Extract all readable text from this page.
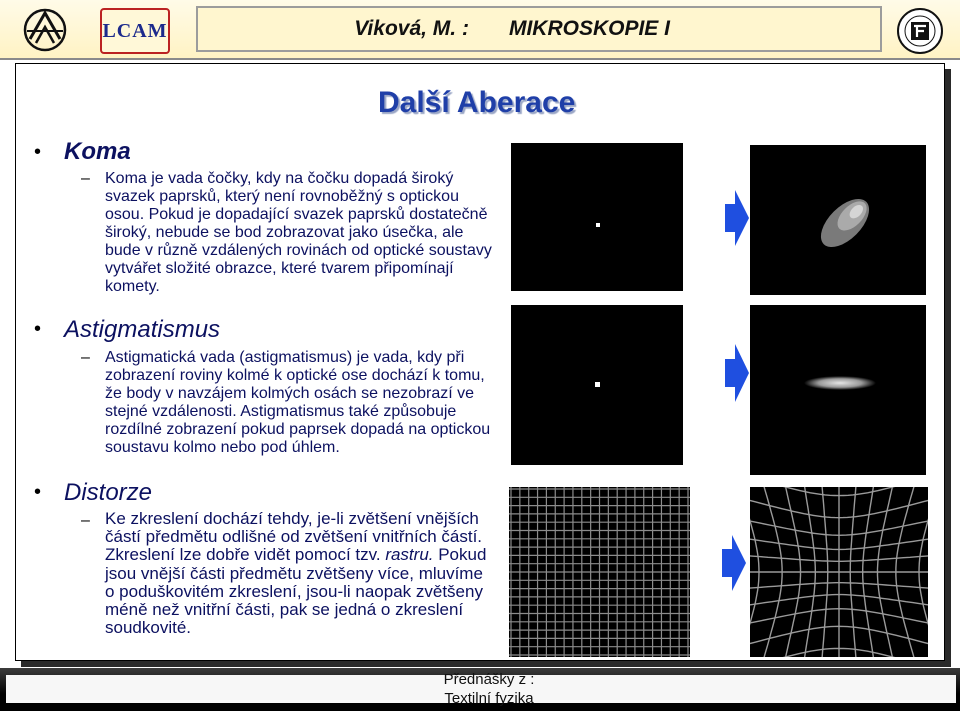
LCAM	Viková, M. : MIKROSKOPIE I
Další Aberace
• Koma
– Koma je vada čočky, kdy na čočku dopadá široký svazek paprsků, který není rovnoběžný s optickou osou. Pokud je dopadající svazek paprsků dostatečně široký, nebude se bod zobrazovat jako úsečka, ale bude v různě vzdálených rovinách od optické soustavy vytvářet složité obrazce, které tvarem připomínají komety.
• Astigmatismus
– Astigmatická vada (astigmatismus) je vada, kdy při zobrazení roviny kolmé k optické ose dochází k tomu, že body v navzájem kolmých osách se nezobrazí ve stejné vzdálenosti. Astigmatismus také způsobuje rozdílné zobrazení pokud paprsek dopadá na optickou soustavu kolmo nebo pod úhlem.
• Distorze
– Ke zkreslení dochází tehdy, je-li zvětšení vnějších částí předmětu odlišné od zvětšení vnitřních částí. Zkreslení lze dobře vidět pomocí tzv. rastru. Pokud jsou vnější části předmětu zvětšeny více, mluvíme o poduškovitém zkreslení, jsou-li naopak zvětšeny méně než vnitřní části, pak se jedná o zkreslení soudkovité.
Přednášky z :
Textilní fyzika
